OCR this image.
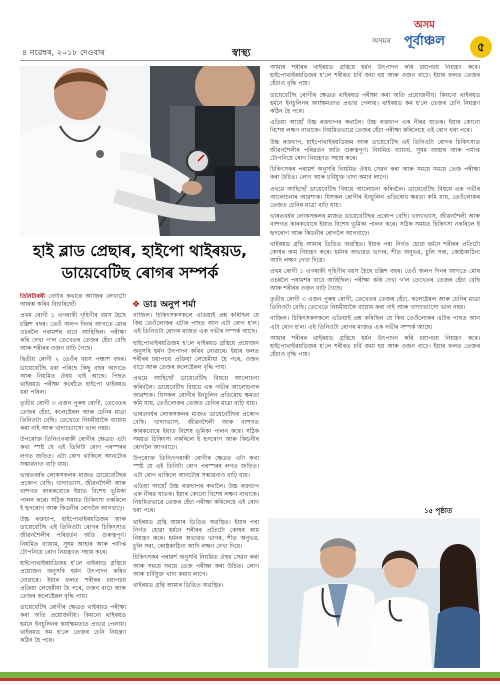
৪ নৱেম্বৰ, ২০১৮ দেওবাৰ	স্বাস্থ্য
অসমৰ
অসম
পূৰ্বাঞ্চল	৫
হাই ব্লাড প্ৰেছাৰ, হাইপো থাইৰয়ড,
ডায়েবেটিছ ৰোগৰ সম্পৰ্ক

তিনিটাৰৰী বেগীৰ কথাৰে আজিৰ লেখাটো আৰম্ভ কৰিব বিচাৰিছোঁ।

প্ৰথম ৰোগী ১ এগৰাকী গৃহিণীৰ বয়স হৈছে চল্লিশ বছৰ। তেওঁ অলপ দিনৰ আগতে মোৰ ওচৰলৈ পৰামৰ্শৰ বাবে আহিছিল। পৰীক্ষা কৰি দেখা গ'ল তেখেতৰ তেজৰ হেঁচা বেছি আৰু শৰীৰৰ ওজন বাঢ়ি গৈছে।

দ্বিতীয় ৰোগী ২ তেওঁৰ বয়স পঞ্চাশ বছৰ। ডায়েবেটিছ ধৰা পৰিছে কিছু বছৰ আগতে আৰু নিয়মিত ঔষধ খাই আছে। পিছত থাইৰয়ড পৰীক্ষা কৰোঁতে হাইপো থাইৰয়ড ধৰা পৰিল।

তৃতীয় ৰোগী ৩ এজন পুৰুষ ৰোগী, তেখেতৰ তেজৰ হেঁচা, কলেষ্টেৰল আৰু চেনিৰ মাত্ৰা তিনিওটা বেছি। তেখেতে নিয়মীয়াকৈ ব্যায়াম কৰা নাই আৰু খাদ্যাভ্যাসো ভাল নহয়।

উপৰোক্ত তিনিওগৰাকী ৰোগীৰ ক্ষেত্ৰত এটা কথা স্পষ্ট যে এই তিনিটা ৰোগ পৰস্পৰৰ লগত জড়িত। এটা ৰোগ থাকিলে আনটোৰ সম্ভাৱনাও বাঢ়ি যায়।

ভাৰতবৰ্ষৰ লোকসকলৰ মাজত ডায়েবেটিছৰ প্ৰকোপ বেছি। খাদ্যাভ্যাস, জীৱনশৈলী আৰু বংশগত কাৰকবোৰে ইয়াত বিশেষ ভূমিকা পালন কৰে। সঠিক সময়ত চিকিৎসা নকৰিলে ই হৃদৰোগ আৰু কিডনীৰ ৰোগলৈ আগবাঢ়ে।

উচ্চ ৰক্তচাপ, হাইপোথাইৰয়ডিজম আৰু ডায়েবেটিছ এই তিনিওটা ৰোগৰ চিকিৎসাত জীৱনশৈলীৰ পৰিৱৰ্তন অতি গুৰুত্বপূৰ্ণ। নিয়মিত ব্যায়াম, সুষম আহাৰ আৰু পৰ্যাপ্ত টোপনিয়ে ৰোগ নিয়ন্ত্ৰণত সহায় কৰে।

হাইপোথাইৰয়ডিজম হ'লে থাইৰয়ড গ্ৰন্থিয়ে প্ৰয়োজন অনুসৰি হৰ্মন উৎপাদন কৰিব নোৱাৰে। ইয়াৰ ফলত শৰীৰৰ চয়াপচয় প্ৰক্ৰিয়া লেহেমীয়া হৈ পৰে, ওজন বাঢ়ে আৰু তেজৰ কলেষ্টেৰল বৃদ্ধি পায়।

ডায়েবেটিছ ৰোগীৰ ক্ষেত্ৰত থাইৰয়ড পৰীক্ষা কৰা অতি প্ৰয়োজনীয়। কিয়নো থাইৰয়ড হৰ্মনে ইনচুলিনৰ কাৰ্যক্ষমতাত প্ৰভাৱ পেলায়। থাইৰয়ড কম হ'লে তেজৰ চেনি নিয়ন্ত্ৰণ কঠিন হৈ পৰে।

❖ ডাঃ অনুপ শৰ্মা

নাজিল। চিকিৎসকসকলে এতিয়াই প্ৰশ্ন কৰিছিল যে কিয় তেওঁলোকৰ এটাৰ পাছত আন এটা ৰোগ হ'ল। এই তিনিওটা ৰোগৰ মাজত এক গভীৰ সম্পৰ্ক আছে।

হাইপোথাইৰয়ডিজম হ'লে থাইৰয়ড গ্ৰন্থিয়ে প্ৰয়োজন অনুসৰি হৰ্মন উৎপাদন কৰিব নোৱাৰে। ইয়াৰ ফলত শৰীৰৰ চয়াপচয় প্ৰক্ৰিয়া লেহেমীয়া হৈ পৰে, ওজন বাঢ়ে আৰু তেজৰ কলেষ্টেৰল বৃদ্ধি পায়।

প্ৰথমে আহিছোঁ ডায়েবেটিছ বিষয়ে আলোচনা কৰিবলৈ। ডায়েবেটিছ বিষয়ে এক গভীৰ আলোচনাৰ আৱশ্যক। যিসকল ৰোগীৰ ইনচুলিন প্ৰতিৰোধ ক্ষমতা কমি যায়, তেওঁলোকৰ তেজত চেনিৰ মাত্ৰা বাঢ়ি যায়।

ভাৰতবৰ্ষৰ লোকসকলৰ মাজত ডায়েবেটিছৰ প্ৰকোপ বেছি। খাদ্যাভ্যাস, জীৱনশৈলী আৰু বংশগত কাৰকবোৰে ইয়াত বিশেষ ভূমিকা পালন কৰে। সঠিক সময়ত চিকিৎসা নকৰিলে ই হৃদৰোগ আৰু কিডনীৰ ৰোগলৈ আগবাঢ়ে।

উপৰোক্ত তিনিওগৰাকী ৰোগীৰ ক্ষেত্ৰত এটা কথা স্পষ্ট যে এই তিনিটা ৰোগ পৰস্পৰৰ লগত জড়িত। এটা ৰোগ থাকিলে আনটোৰ সম্ভাৱনাও বাঢ়ি যায়।

এতিয়া আহোঁ উচ্চ ৰক্তচাপৰ কথালৈ। উচ্চ ৰক্তচাপ এক নীৰৱ ঘাতক। ইয়াৰ কোনো বিশেষ লক্ষণ নাথাকে। নিয়মিতভাৱে তেজৰ হেঁচা পৰীক্ষা কৰিলেহে এই ৰোগ ধৰা পৰে।

থাইৰয়ড গ্ৰন্থি আমাৰ ডিঙিত অৱস্থিত। ইয়াৰ পৰা নিৰ্গত হোৱা হৰ্মনে শৰীৰৰ প্ৰতিটো কোষৰ কাম নিয়ন্ত্ৰণ কৰে। হৰ্মনৰ অভাৱত ভাগৰ, শীত অনুভৱ, চুলি সৰা, কোষ্ঠকাঠিন্য আদি লক্ষণ দেখা দিয়ে।

চিকিৎসকৰ পৰামৰ্শ অনুসৰি নিয়মিত ঔষধ সেৱন কৰা আৰু সময়ে সময়ে তেজ পৰীক্ষা কৰা উচিত। লোণ আৰু চৰ্বিযুক্ত খাদ্য কমাব লাগে।

থাইৰয়ড গ্ৰন্থি আমাৰ ডিঙিত অৱস্থিত।

আমাৰ শৰীৰৰ থাইৰয়ড গ্ৰন্থিয়ে হৰ্মন উৎপাদন কৰি চয়াপচয় নিয়ন্ত্ৰণ কৰে। হাইপোথাইৰয়ডিজম হ'লে শৰীৰত চৰ্বি জমা হয় আৰু ওজন বাঢ়ে। ইয়াৰ ফলত তেজৰ হেঁচাও বৃদ্ধি পায়।

ডায়েবেটিছ ৰোগীৰ ক্ষেত্ৰত থাইৰয়ড পৰীক্ষা কৰা অতি প্ৰয়োজনীয়। কিয়নো থাইৰয়ড হৰ্মনে ইনচুলিনৰ কাৰ্যক্ষমতাত প্ৰভাৱ পেলায়। থাইৰয়ড কম হ'লে তেজৰ চেনি নিয়ন্ত্ৰণ কঠিন হৈ পৰে।

এতিয়া আহোঁ উচ্চ ৰক্তচাপৰ কথালৈ। উচ্চ ৰক্তচাপ এক নীৰৱ ঘাতক। ইয়াৰ কোনো বিশেষ লক্ষণ নাথাকে। নিয়মিতভাৱে তেজৰ হেঁচা পৰীক্ষা কৰিলেহে এই ৰোগ ধৰা পৰে।

উচ্চ ৰক্তচাপ, হাইপোথাইৰয়ডিজম আৰু ডায়েবেটিছ এই তিনিওটা ৰোগৰ চিকিৎসাত জীৱনশৈলীৰ পৰিৱৰ্তন অতি গুৰুত্বপূৰ্ণ। নিয়মিত ব্যায়াম, সুষম আহাৰ আৰু পৰ্যাপ্ত টোপনিয়ে ৰোগ নিয়ন্ত্ৰণত সহায় কৰে।

চিকিৎসকৰ পৰামৰ্শ অনুসৰি নিয়মিত ঔষধ সেৱন কৰা আৰু সময়ে সময়ে তেজ পৰীক্ষা কৰা উচিত। লোণ আৰু চৰ্বিযুক্ত খাদ্য কমাব লাগে।

প্ৰথমে আহিছোঁ ডায়েবেটিছ বিষয়ে আলোচনা কৰিবলৈ। ডায়েবেটিছ বিষয়ে এক গভীৰ আলোচনাৰ আৱশ্যক। যিসকল ৰোগীৰ ইনচুলিন প্ৰতিৰোধ ক্ষমতা কমি যায়, তেওঁলোকৰ তেজত চেনিৰ মাত্ৰা বাঢ়ি যায়।

ভাৰতবৰ্ষৰ লোকসকলৰ মাজত ডায়েবেটিছৰ প্ৰকোপ বেছি। খাদ্যাভ্যাস, জীৱনশৈলী আৰু বংশগত কাৰকবোৰে ইয়াত বিশেষ ভূমিকা পালন কৰে। সঠিক সময়ত চিকিৎসা নকৰিলে ই হৃদৰোগ আৰু কিডনীৰ ৰোগলৈ আগবাঢ়ে।

থাইৰয়ড গ্ৰন্থি আমাৰ ডিঙিত অৱস্থিত। ইয়াৰ পৰা নিৰ্গত হোৱা হৰ্মনে শৰীৰৰ প্ৰতিটো কোষৰ কাম নিয়ন্ত্ৰণ কৰে। হৰ্মনৰ অভাৱত ভাগৰ, শীত অনুভৱ, চুলি সৰা, কোষ্ঠকাঠিন্য আদি লক্ষণ দেখা দিয়ে।

প্ৰথম ৰোগী ১ এগৰাকী গৃহিণীৰ বয়স হৈছে চল্লিশ বছৰ। তেওঁ অলপ দিনৰ আগতে মোৰ ওচৰলৈ পৰামৰ্শৰ বাবে আহিছিল। পৰীক্ষা কৰি দেখা গ'ল তেখেতৰ তেজৰ হেঁচা বেছি আৰু শৰীৰৰ ওজন বাঢ়ি গৈছে।

তৃতীয় ৰোগী ৩ এজন পুৰুষ ৰোগী, তেখেতৰ তেজৰ হেঁচা, কলেষ্টেৰল আৰু চেনিৰ মাত্ৰা তিনিওটা বেছি। তেখেতে নিয়মীয়াকৈ ব্যায়াম কৰা নাই আৰু খাদ্যাভ্যাসো ভাল নহয়।

নাজিল। চিকিৎসকসকলে এতিয়াই প্ৰশ্ন কৰিছিল যে কিয় তেওঁলোকৰ এটাৰ পাছত আন এটা ৰোগ হ'ল। এই তিনিওটা ৰোগৰ মাজত এক গভীৰ সম্পৰ্ক আছে।

আমাৰ শৰীৰৰ থাইৰয়ড গ্ৰন্থিয়ে হৰ্মন উৎপাদন কৰি চয়াপচয় নিয়ন্ত্ৰণ কৰে। হাইপোথাইৰয়ডিজম হ'লে শৰীৰত চৰ্বি জমা হয় আৰু ওজন বাঢ়ে। ইয়াৰ ফলত তেজৰ হেঁচাও বৃদ্ধি পায়।

১৫ পৃষ্ঠাত
